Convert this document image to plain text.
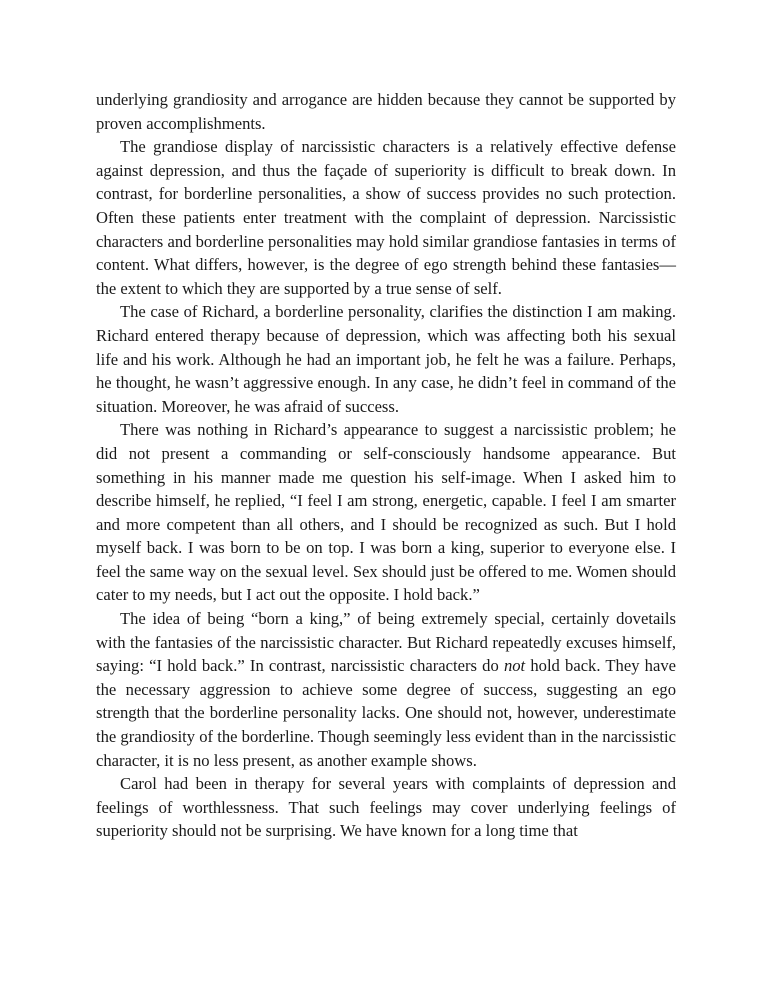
underlying grandiosity and arrogance are hidden because they cannot be supported by proven accomplishments.

The grandiose display of narcissistic characters is a relatively effective defense against depression, and thus the façade of superiority is difficult to break down. In contrast, for borderline personalities, a show of success provides no such protection. Often these patients enter treatment with the complaint of depression. Narcissistic characters and borderline personalities may hold similar grandiose fantasies in terms of content. What differs, however, is the degree of ego strength behind these fantasies—the extent to which they are supported by a true sense of self.

The case of Richard, a borderline personality, clarifies the distinction I am making. Richard entered therapy because of depression, which was affecting both his sexual life and his work. Although he had an important job, he felt he was a failure. Perhaps, he thought, he wasn’t aggressive enough. In any case, he didn’t feel in command of the situation. Moreover, he was afraid of success.

There was nothing in Richard’s appearance to suggest a narcissistic problem; he did not present a commanding or self-consciously handsome appearance. But something in his manner made me question his self-image. When I asked him to describe himself, he replied, “I feel I am strong, energetic, capable. I feel I am smarter and more competent than all others, and I should be recognized as such. But I hold myself back. I was born to be on top. I was born a king, superior to everyone else. I feel the same way on the sexual level. Sex should just be offered to me. Women should cater to my needs, but I act out the opposite. I hold back.”

The idea of being “born a king,” of being extremely special, certainly dovetails with the fantasies of the narcissistic character. But Richard repeatedly excuses himself, saying: “I hold back.” In contrast, narcissistic characters do not hold back. They have the necessary aggression to achieve some degree of success, suggesting an ego strength that the borderline personality lacks. One should not, however, underestimate the grandiosity of the borderline. Though seemingly less evident than in the narcissistic character, it is no less present, as another example shows.

Carol had been in therapy for several years with complaints of depression and feelings of worthlessness. That such feelings may cover underlying feelings of superiority should not be surprising. We have known for a long time that
